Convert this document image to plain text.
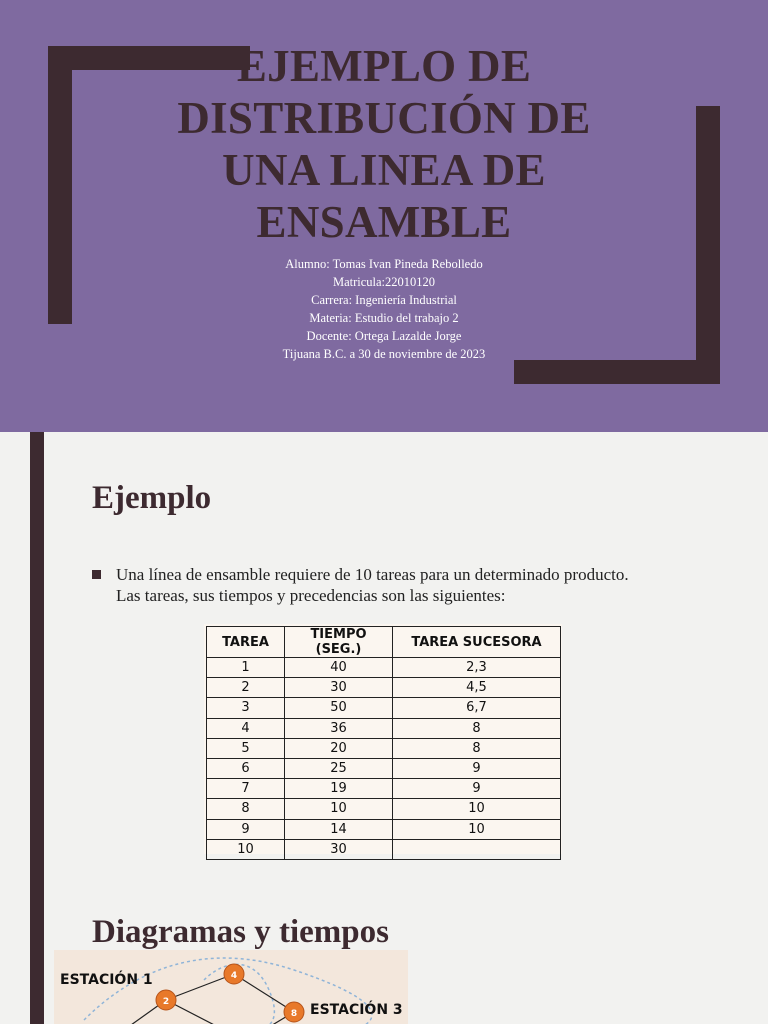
EJEMPLO DE
DISTRIBUCIÓN DE
UNA LINEA DE
ENSAMBLE
Alumno: Tomas Ivan Pineda Rebolledo
Matricula:22010120
Carrera: Ingeniería Industrial
Materia: Estudio del trabajo 2
Docente: Ortega Lazalde Jorge
Tijuana B.C. a 30 de noviembre de 2023
Ejemplo
Una línea de ensamble requiere de 10 tareas para un determinado producto. Las tareas, sus tiempos y precedencias son las siguientes:
TAREA	TIEMPO (SEG.)	TAREA SUCESORA
1	40	2,3
2	30	4,5
3	50	6,7
4	36	8
5	20	8
6	25	9
7	19	9
8	10	10
9	14	10
10	30	
Diagramas y tiempos
2
4
8
ESTACIÓN 1
ESTACIÓN 3
